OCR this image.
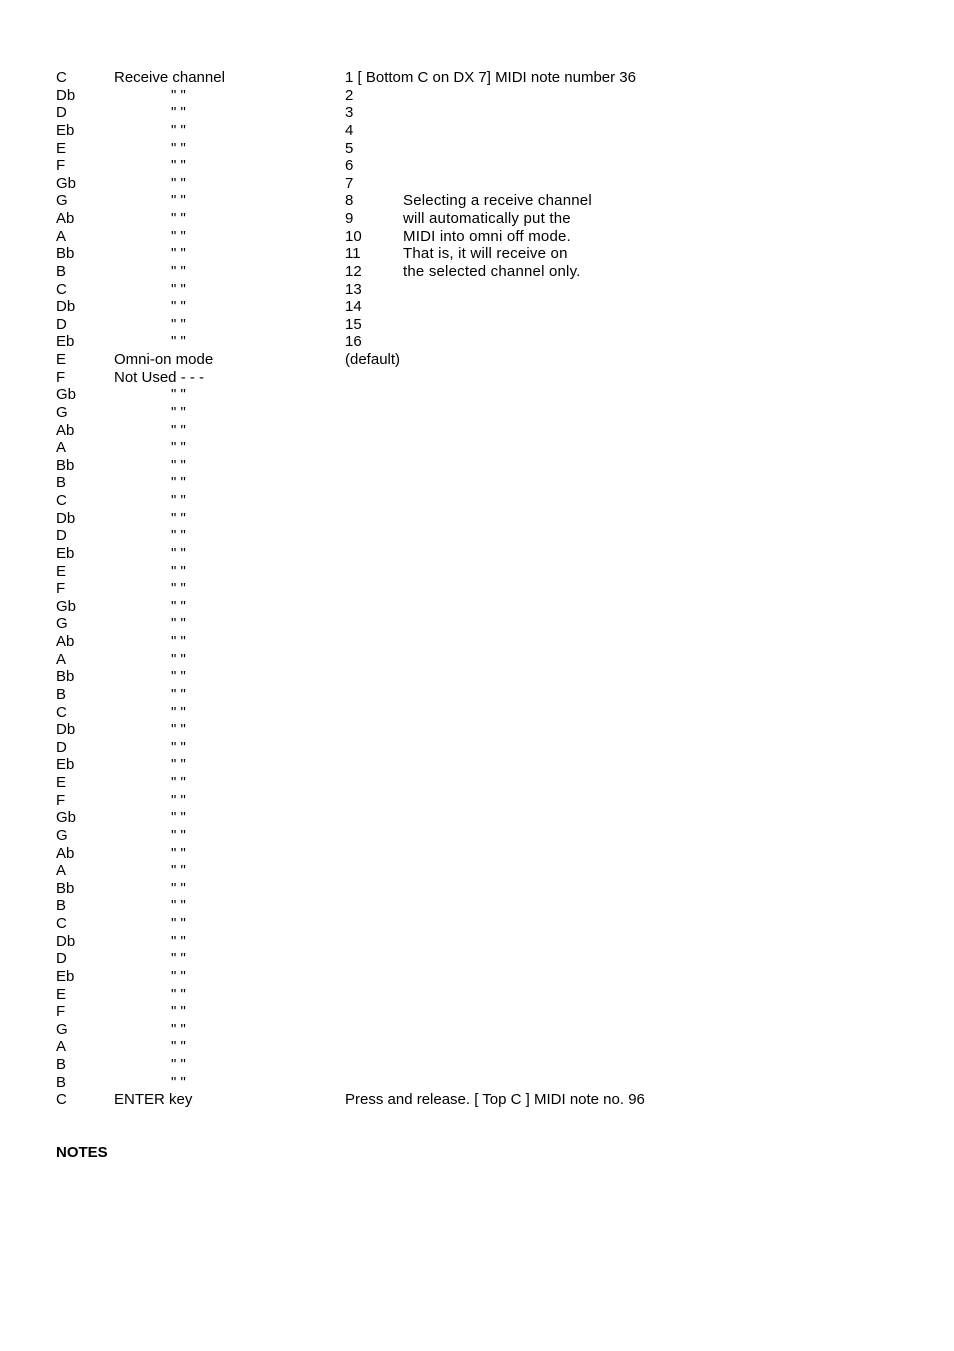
C	Receive channel	1 [ Bottom C on DX 7] MIDI note number 36
Db	" "	2
D	" "	3
Eb	" "	4
E	" "	5
F	" "	6
Gb	" "	7
G	" "	8	Selecting a receive channel
Ab	" "	9	will automatically put the
A	" "	10	MIDI into omni off mode.
Bb	" "	11	That is, it will receive on
B	" "	12	the selected channel only.
C	" "	13
Db	" "	14
D	" "	15
Eb	" "	16
E	Omni-on mode	(default)
F	Not Used - - -
Gb	" "
G	" "
Ab	" "
A	" "
Bb	" "
B	" "
C	" "
Db	" "
D	" "
Eb	" "
E	" "
F	" "
Gb	" "
G	" "
Ab	" "
A	" "
Bb	" "
B	" "
C	" "
Db	" "
D	" "
Eb	" "
E	" "
F	" "
Gb	" "
G	" "
Ab	" "
A	" "
Bb	" "
B	" "
C	" "
Db	" "
D	" "
Eb	" "
E	" "
F	" "
G	" "
A	" "
B	" "
B	" "
C	ENTER key	Press and release. [ Top C ] MIDI note no. 96
NOTES
